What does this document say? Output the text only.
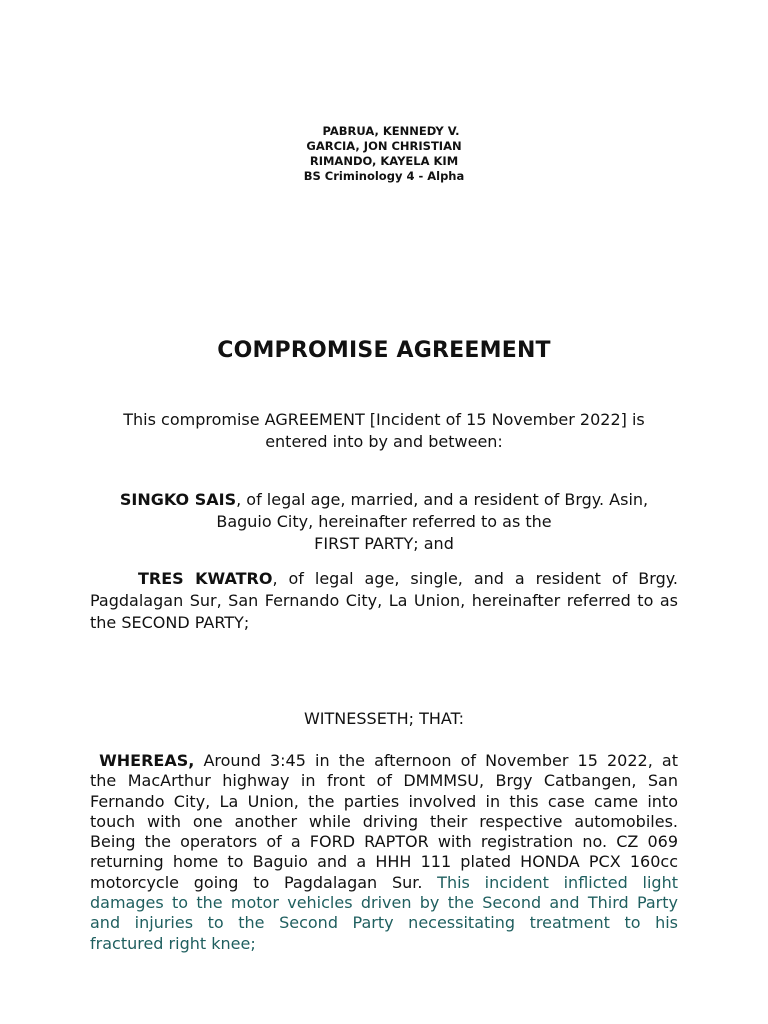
PABRUA, KENNEDY V.
GARCIA, JON CHRISTIAN
RIMANDO, KAYELA KIM
BS Criminology 4 - Alpha
COMPROMISE AGREEMENT
This compromise AGREEMENT [Incident of 15 November 2022] is
entered into by and between:
SINGKO SAIS, of legal age, married, and a resident of Brgy. Asin,
Baguio City, hereinafter referred to as the
FIRST PARTY; and
TRES KWATRO, of legal age, single, and a resident of Brgy. Pagdalagan Sur, San Fernando City, La Union, hereinafter referred to as the SECOND PARTY;
WITNESSETH; THAT:
WHEREAS, Around 3:45 in the afternoon of November 15 2022, at
the MacArthur highway in front of DMMMSU, Brgy Catbangen, San
Fernando City, La Union, the parties involved in this case came into
touch with one another while driving their respective automobiles.
Being the operators of a FORD RAPTOR with registration no. CZ 069
returning home to Baguio and a HHH 111 plated HONDA PCX 160cc
motorcycle going to Pagdalagan Sur. This incident inflicted light
damages to the motor vehicles driven by the Second and Third Party
and injuries to the Second Party necessitating treatment to his
fractured right knee;
